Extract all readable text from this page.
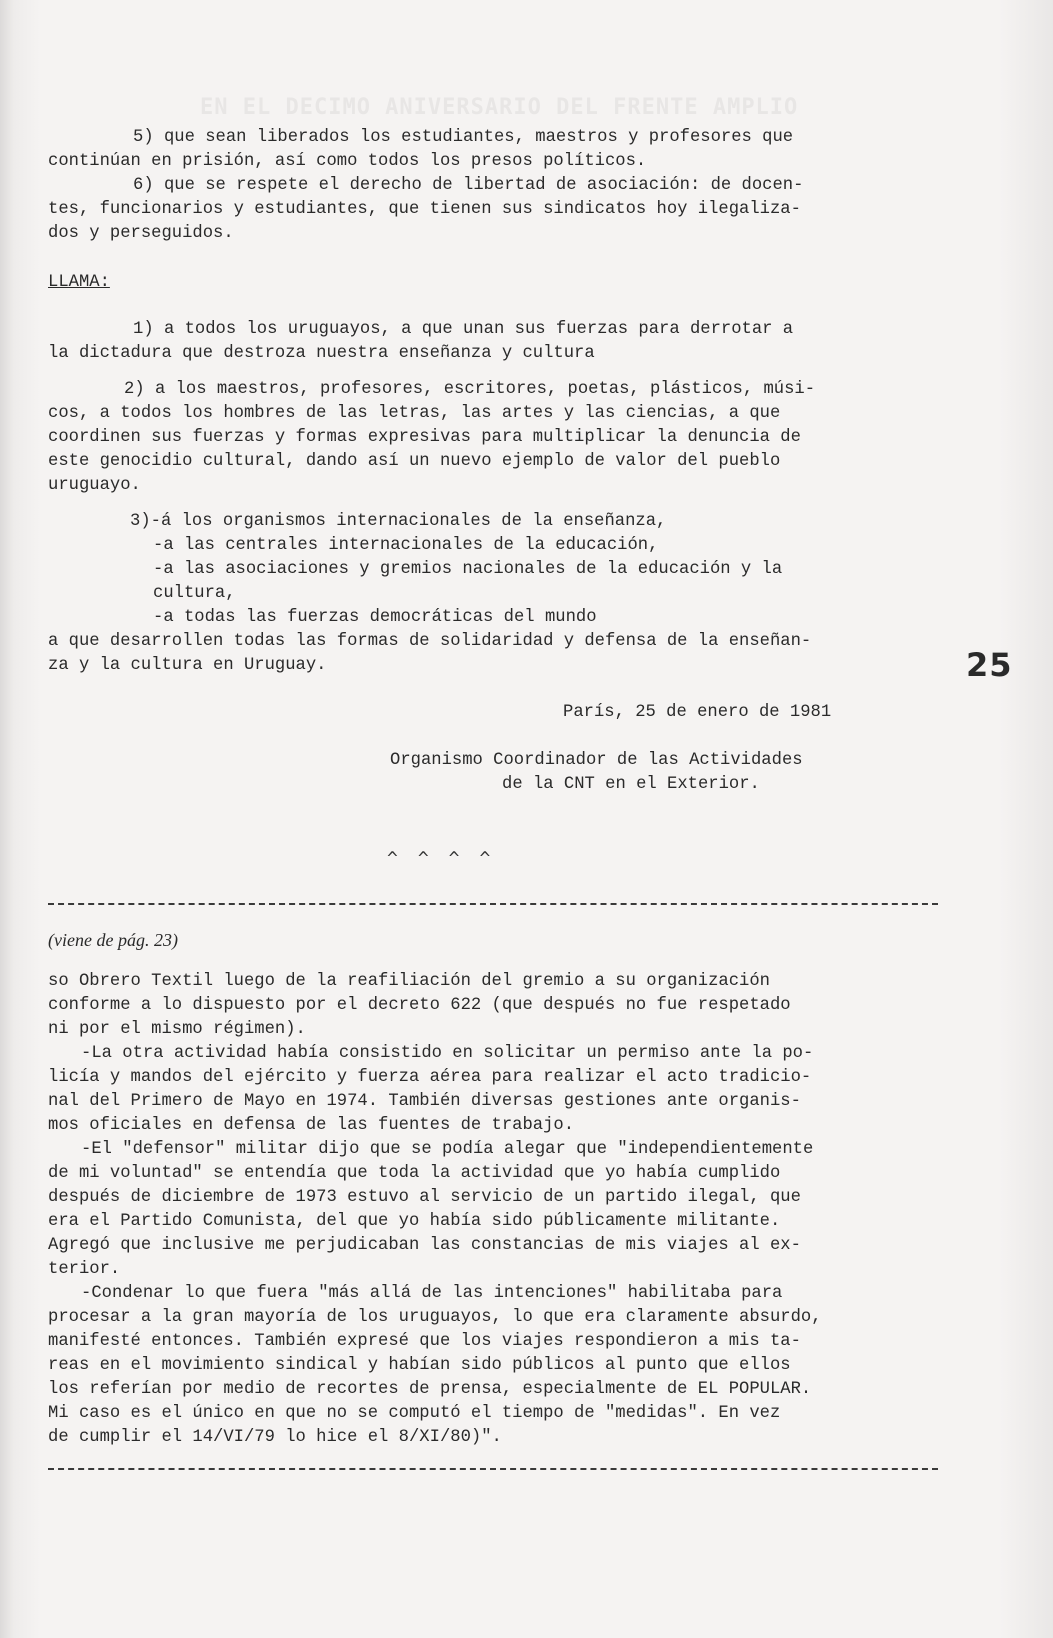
EN EL DECIMO ANIVERSARIO DEL FRENTE AMPLIO
5) que sean liberados los estudiantes, maestros y profesores que
continúan en prisión, así como todos los presos políticos.
6) que se respete el derecho de libertad de asociación: de docen-
tes, funcionarios y estudiantes, que tienen sus sindicatos hoy ilegaliza-
dos y perseguidos.
LLAMA:
1) a todos los uruguayos, a que unan sus fuerzas para derrotar a
la dictadura que destroza nuestra enseñanza y cultura
2) a los maestros, profesores, escritores, poetas, plásticos, músi-
cos, a todos los hombres de las letras, las artes y las ciencias, a que
coordinen sus fuerzas y formas expresivas para multiplicar la denuncia de
este genocidio cultural, dando así un nuevo ejemplo de valor del pueblo
uruguayo.
3)-á los organismos internacionales de la enseñanza,
-a las centrales internacionales de la educación,
-a las asociaciones y gremios nacionales de la educación y la
cultura,
-a todas las fuerzas democráticas del mundo
a que desarrollen todas las formas de solidaridad y defensa de la enseñan-
za y la cultura en Uruguay.
París, 25 de enero de 1981
Organismo Coordinador de las Actividades
de la CNT en el Exterior.
^^^^
(viene de pág. 23)
so Obrero Textil luego de la reafiliación del gremio a su organización
conforme a lo dispuesto por el decreto 622 (que después no fue respetado
ni por el mismo régimen).
-La otra actividad había consistido en solicitar un permiso ante la po-
licía y mandos del ejército y fuerza aérea para realizar el acto tradicio-
nal del Primero de Mayo en 1974. También diversas gestiones ante organis-
mos oficiales en defensa de las fuentes de trabajo.
-El "defensor" militar dijo que se podía alegar que "independientemente
de mi voluntad" se entendía que toda la actividad que yo había cumplido
después de diciembre de 1973 estuvo al servicio de un partido ilegal, que
era el Partido Comunista, del que yo había sido públicamente militante.
Agregó que inclusive me perjudicaban las constancias de mis viajes al ex-
terior.
-Condenar lo que fuera "más allá de las intenciones" habilitaba para
procesar a la gran mayoría de los uruguayos, lo que era claramente absurdo,
manifesté entonces. También expresé que los viajes respondieron a mis ta-
reas en el movimiento sindical y habían sido públicos al punto que ellos
los referían por medio de recortes de prensa, especialmente de EL POPULAR.
Mi caso es el único en que no se computó el tiempo de "medidas". En vez
de cumplir el 14/VI/79 lo hice el 8/XI/80)".
25
